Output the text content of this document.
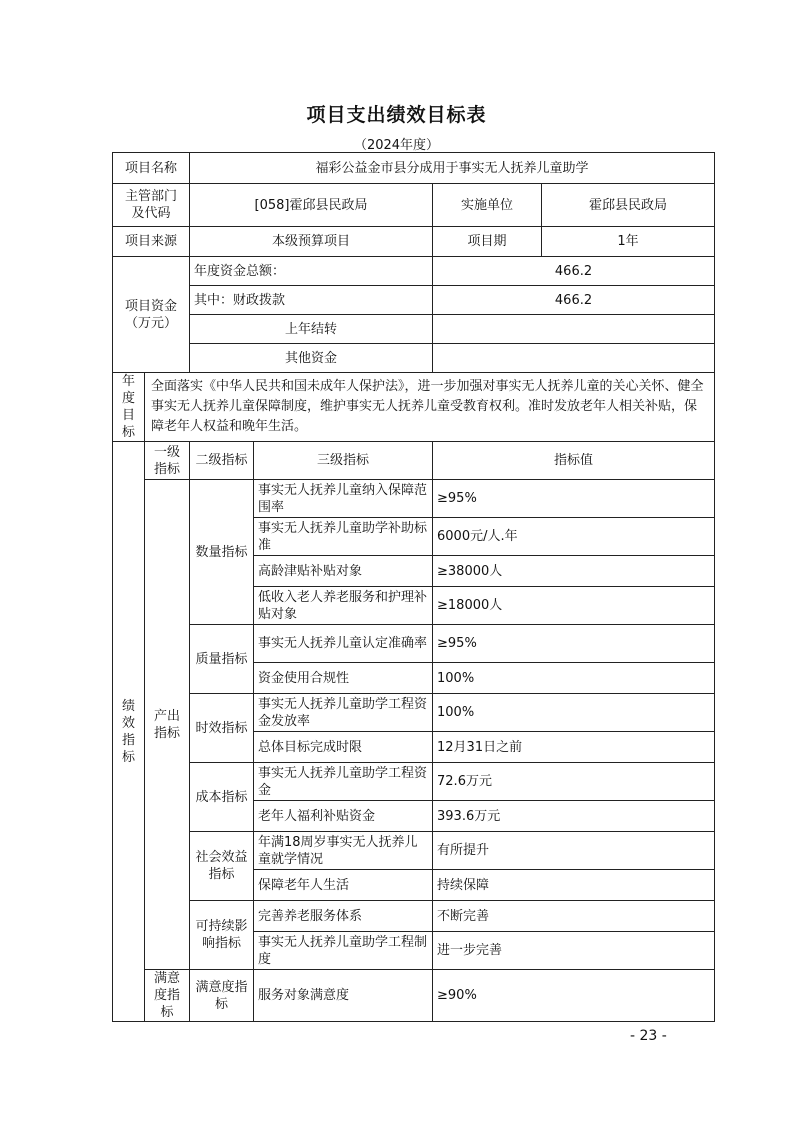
项目支出绩效目标表
（2024年度）
项目名称		福彩公益金市县分成用于事实无人抚养儿童助学			
主管部门
及代码		[058]霍邱县民政局		实施单位	霍邱县民政局
项目来源		本级预算项目		项目期	1年
项目资金
（万元）		年度资金总额：		466.2	
		其中：财政拨款		466.2	
		上年结转			
		其他资金			

年
度
目
标	全面落实《中华人民共和国未成年人保护法》，进一步加强对事实无人抚养儿童的关心关怀、健全事实无人抚养儿童保障制度，维护事实无人抚养儿童受教育权利。准时发放老年人相关补贴，保障老年人权益和晚年生活。				

绩
效
指
标	一级指标	二级指标	三级指标	指标值	
	产出指标	数量指标	事实无人抚养儿童纳入保障范围率	≥95%	
			事实无人抚养儿童助学补助标准	6000元/人.年	
			高龄津贴补贴对象	≥38000人	
			低收入老人养老服务和护理补贴对象	≥18000人	
		质量指标	事实无人抚养儿童认定准确率	≥95%	
			资金使用合规性	100%	
		时效指标	事实无人抚养儿童助学工程资金发放率	100%	
			总体目标完成时限	12月31日之前	
		成本指标	事实无人抚养儿童助学工程资金	72.6万元	
			老年人福利补贴资金	393.6万元	
		社会效益指标	年满18周岁事实无人抚养儿童就学情况	有所提升	
			保障老年人生活	持续保障	
		可持续影响指标	完善养老服务体系	不断完善	
			事实无人抚养儿童助学工程制度	进一步完善	
	满意度指标	满意度指标	服务对象满意度	≥90%	
- 23 -
